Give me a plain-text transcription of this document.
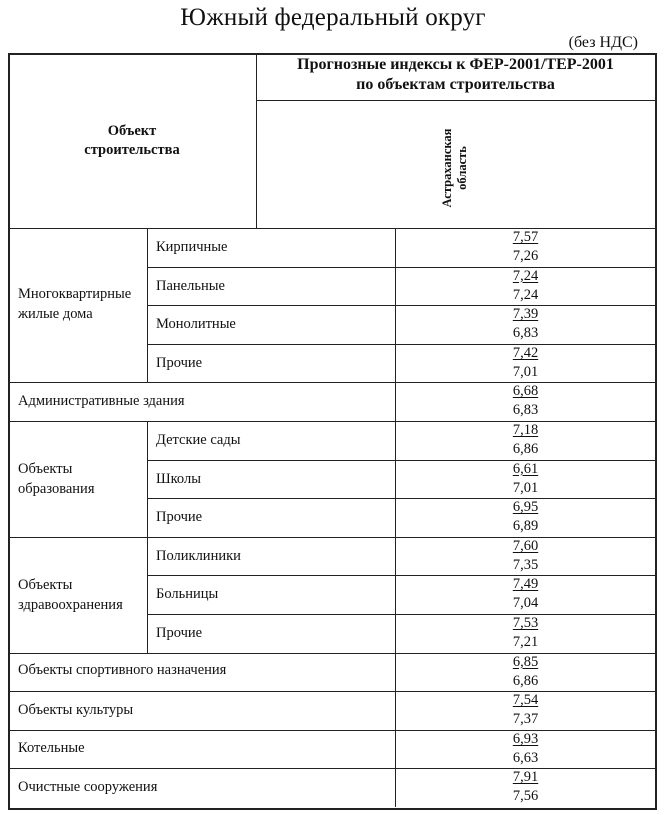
Южный федеральный округ
(без НДС)
Прогнозные индексы к ФЕР-2001/ТЕР-2001
по объектам строительства
Объект
строительства	Астраханская область
Многоквартирные
жилые дома
Административные здания
Объекты
образования
Объекты
здравоохранения
Объекты спортивного назначения
Объекты культуры
Котельные
Очистные сооружения
7,57
7,26
Кирпичные
7,24
7,24
Панельные
7,39
6,83
Монолитные
7,42
7,01
Прочие
6,68
6,83
7,18
6,86
Детские сады
6,61
7,01
Школы
6,95
6,89
Прочие
7,60
7,35
Поликлиники
7,49
7,04
Больницы
7,53
7,21
Прочие
6,85
6,86
7,54
7,37
6,93
6,63
7,91
7,56
